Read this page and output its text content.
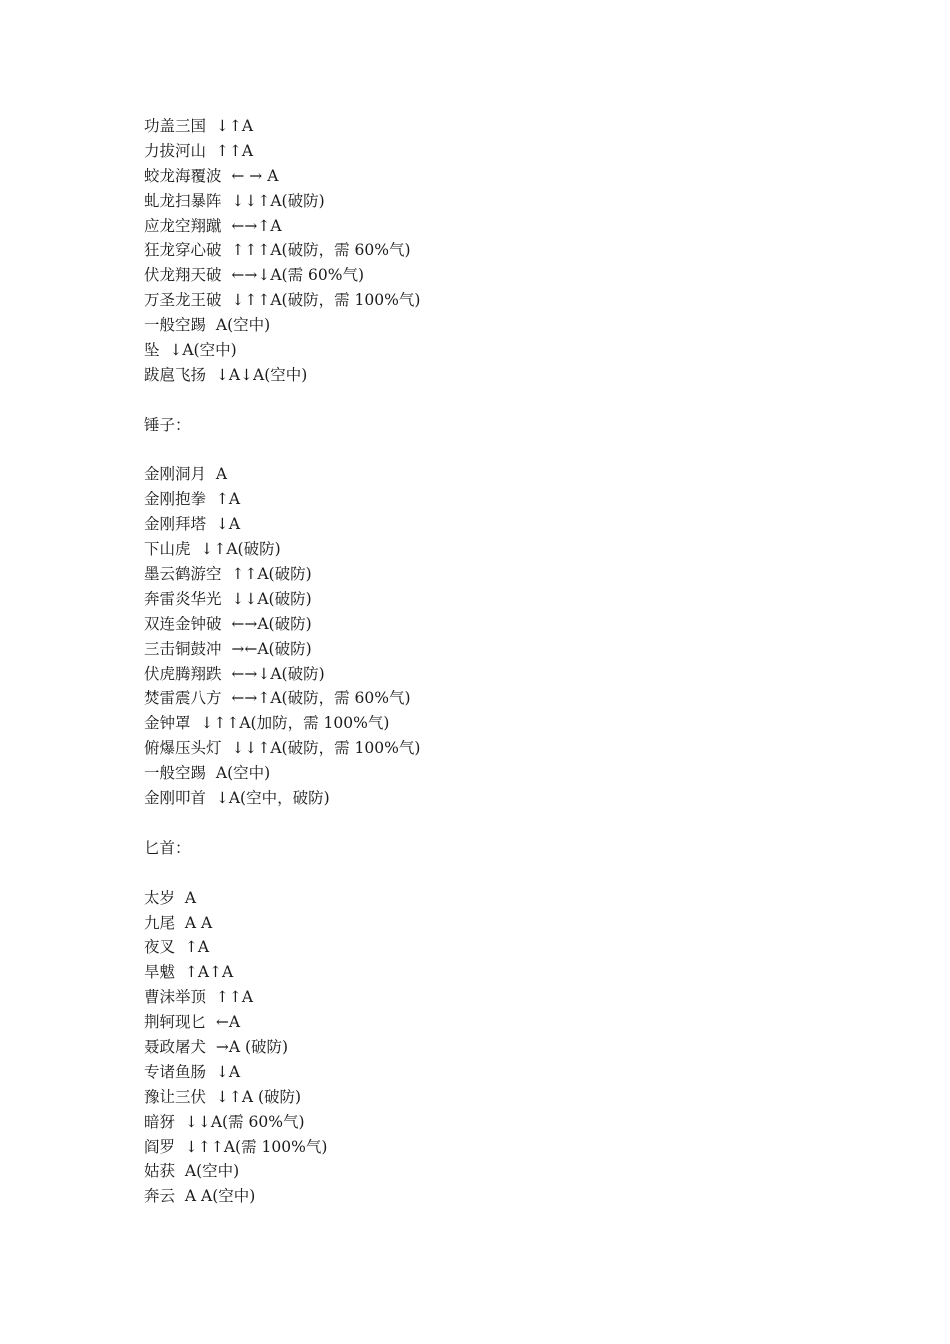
功盖三国 ↓↑A
力拔河山 ↑↑A
蛟龙海覆波 ← → A
虬龙扫暴阵 ↓↓↑A(破防)
应龙空翔蹴 ←→↑A
狂龙穿心破 ↑↑↑A(破防，需 60%气)
伏龙翔天破 ←→↓A(需 60%气)
万圣龙王破 ↓↑↑A(破防，需 100%气)
一般空踢 A(空中)
坠 ↓A(空中)
跋扈飞扬 ↓A↓A(空中)
锤子：
金刚洞月 A
金刚抱拳 ↑A
金刚拜塔 ↓A
下山虎 ↓↑A(破防)
墨云鹤游空 ↑↑A(破防)
奔雷炎华光 ↓↓A(破防)
双连金钟破 ←→A(破防)
三击铜鼓冲 →←A(破防)
伏虎腾翔跌 ←→↓A(破防)
焚雷震八方 ←→↑A(破防，需 60%气)
金钟罩 ↓↑↑A(加防，需 100%气)
俯爆压头灯 ↓↓↑A(破防，需 100%气)
一般空踢 A(空中)
金刚叩首 ↓A(空中，破防)
匕首：
太岁 A
九尾 A A
夜叉 ↑A
旱魃 ↑A↑A
曹沫举顶 ↑↑A
荆轲现匕 ←A
聂政屠犬 →A (破防)
专诸鱼肠 ↓A
豫让三伏 ↓↑A (破防)
暗犽 ↓↓A(需 60%气)
阎罗 ↓↑↑A(需 100%气)
姑获 A(空中)
奔云 A A(空中)
